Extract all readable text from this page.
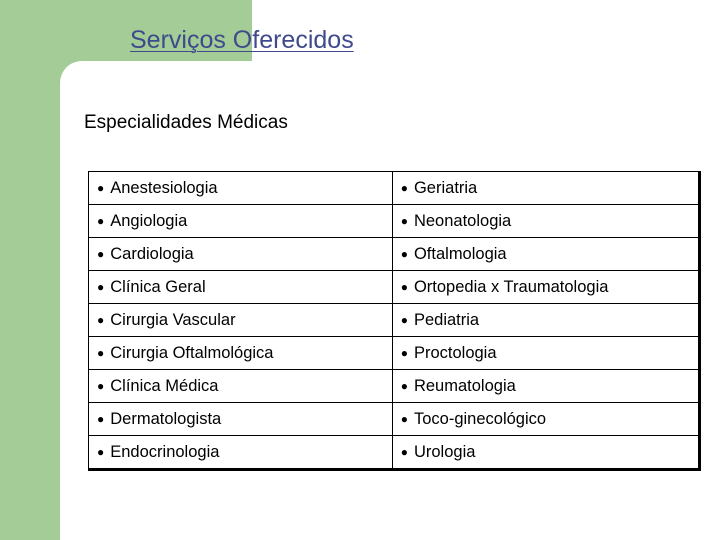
Serviços Oferecidos
Especialidades Médicas
● Anestesiologia	● Geriatria
● Angiologia	● Neonatologia
● Cardiologia	● Oftalmologia
● Clínica Geral	● Ortopedia x Traumatologia
● Cirurgia Vascular	● Pediatria
● Cirurgia Oftalmológica	● Proctologia
● Clínica Médica	● Reumatologia
● Dermatologista	● Toco-ginecológico
● Endocrinologia	● Urologia
